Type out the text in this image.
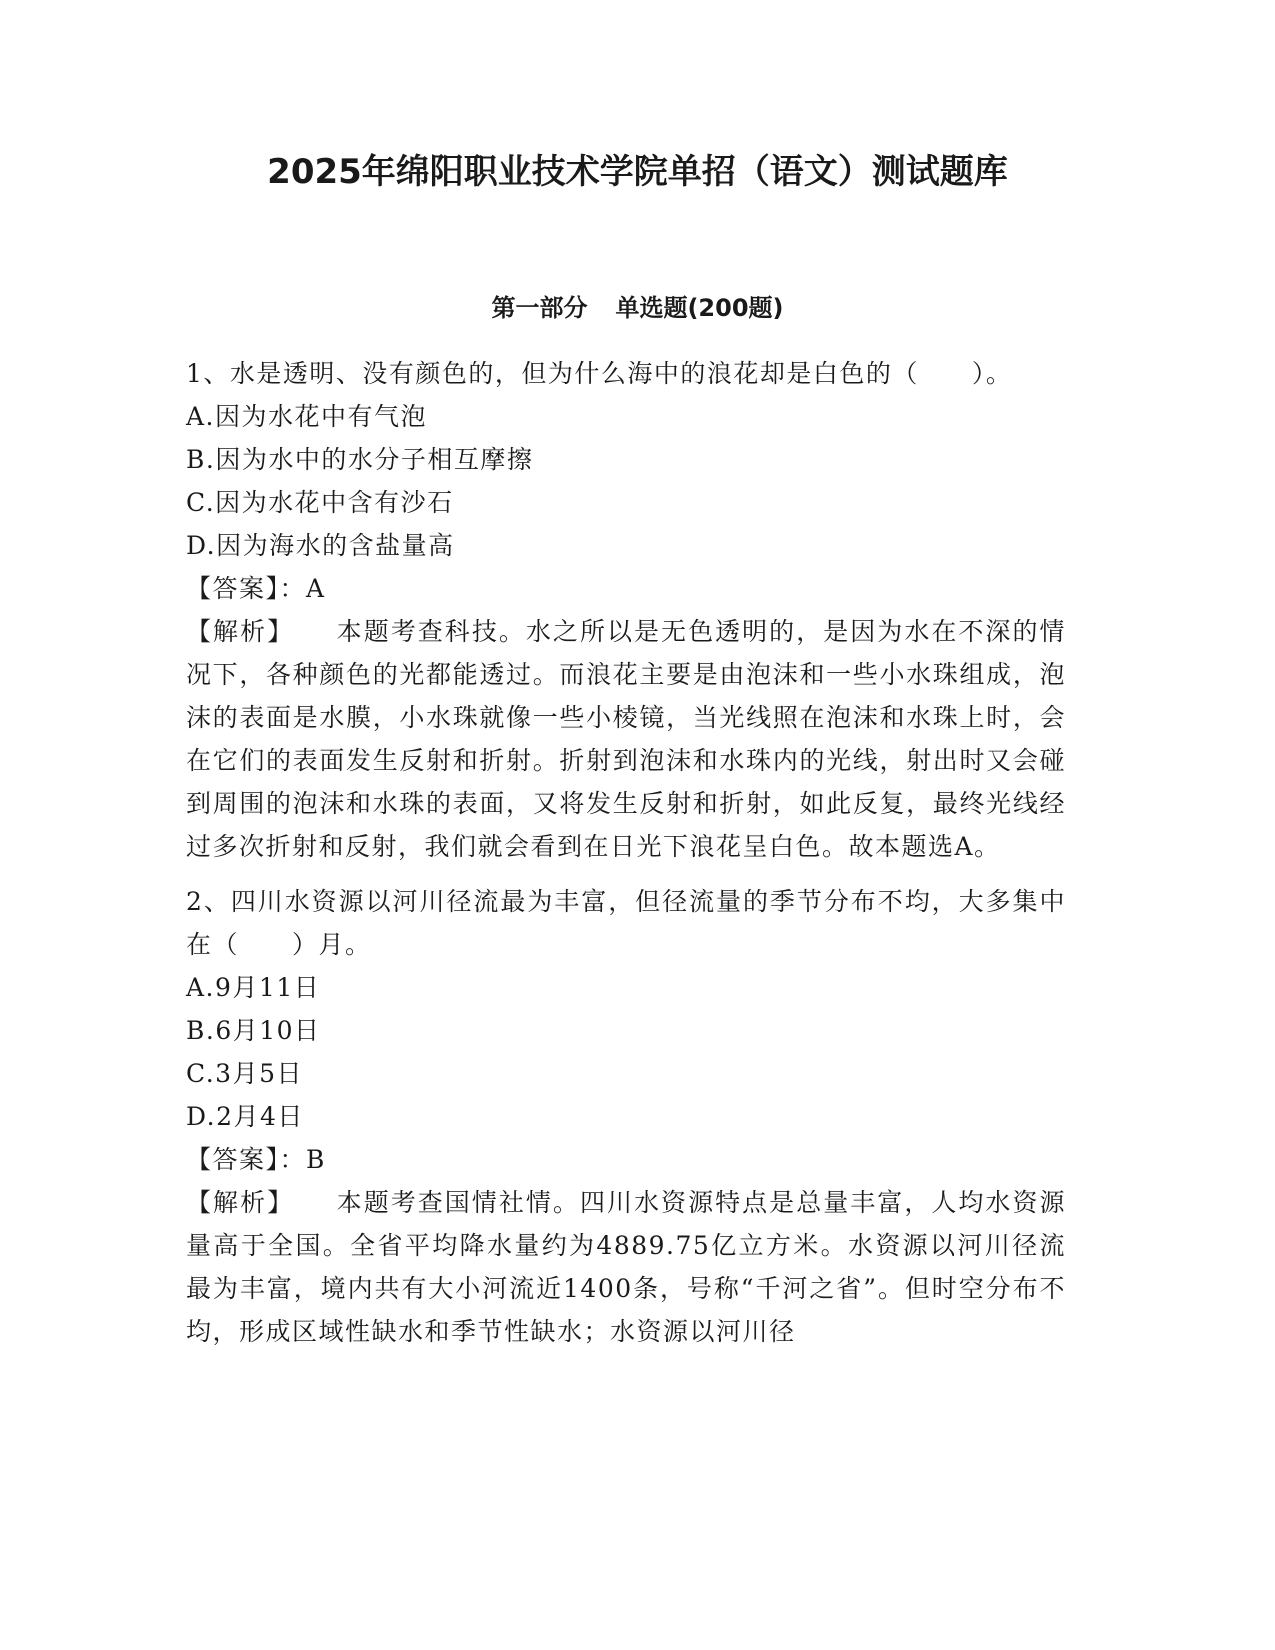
2025年绵阳职业技术学院单招（语文）测试题库
第一部分 单选题(200题)

1、水是透明、没有颜色的，但为什么海中的浪花却是白色的（　　）。

A.因为水花中有气泡

B.因为水中的水分子相互摩擦

C.因为水花中含有沙石

D.因为海水的含盐量高

【答案】：A

【解析】 本题考查科技。水之所以是无色透明的，是因为水在不深的情况下，各种颜色的光都能透过。而浪花主要是由泡沫和一些小水珠组成，泡沫的表面是水膜，小水珠就像一些小棱镜，当光线照在泡沫和水珠上时，会在它们的表面发生反射和折射。折射到泡沫和水珠内的光线，射出时又会碰到周围的泡沫和水珠的表面，又将发生反射和折射，如此反复，最终光线经过多次折射和反射，我们就会看到在日光下浪花呈白色。故本题选A。

2、四川水资源以河川径流最为丰富，但径流量的季节分布不均，大多集中在（　　）月。

A.9月11日

B.6月10日

C.3月5日

D.2月4日

【答案】：B

【解析】 本题考查国情社情。四川水资源特点是总量丰富，人均水资源量高于全国。全省平均降水量约为4889.75亿立方米。水资源以河川径流最为丰富，境内共有大小河流近1400条，号称“千河之省”。但时空分布不均，形成区域性缺水和季节性缺水；水资源以河川径
